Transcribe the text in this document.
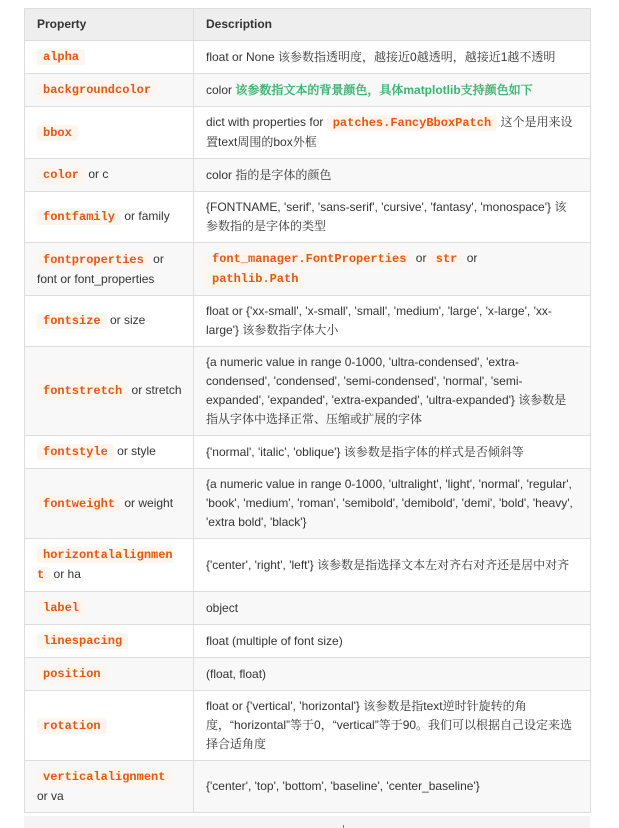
Property	Description
alpha	float or None 该参数指透明度，越接近0越透明，越接近1越不透明
backgroundcolor	color 该参数指文本的背景颜色，具体matplotlib支持颜色如下
bbox	dict with properties for patches.FancyBboxPatch 这个是用来设置text周围的box外框
color or c	color 指的是字体的颜色
fontfamily or family	{FONTNAME, 'serif', 'sans-serif', 'cursive', 'fantasy', 'monospace'} 该参数指的是字体的类型
fontproperties or font or font_properties	font_manager.FontProperties or str or pathlib.Path
fontsize or size	float or {'xx-small', 'x-small', 'small', 'medium', 'large', 'x-large', 'xx-large'} 该参数指字体大小
fontstretch or stretch	{a numeric value in range 0-1000, 'ultra-condensed', 'extra-condensed', 'condensed', 'semi-condensed', 'normal', 'semi-expanded', 'expanded', 'extra-expanded', 'ultra-expanded'} 该参数是指从字体中选择正常、压缩或扩展的字体
fontstyle or style	{'normal', 'italic', 'oblique'} 该参数是指字体的样式是否倾斜等
fontweight or weight	{a numeric value in range 0-1000, 'ultralight', 'light', 'normal', 'regular', 'book', 'medium', 'roman', 'semibold', 'demibold', 'demi', 'bold', 'heavy', 'extra bold', 'black'}
horizontalalignment or ha	{'center', 'right', 'left'} 该参数是指选择文本左对齐右对齐还是居中对齐
label	object
linespacing	float (multiple of font size)
position	(float, float)
rotation	float or {'vertical', 'horizontal'} 该参数是指text逆时针旋转的角度，“horizontal”等于0，“vertical”等于90。我们可以根据自己设定来选择合适角度
verticalalignment or va	{'center', 'top', 'bottom', 'baseline', 'center_baseline'}
